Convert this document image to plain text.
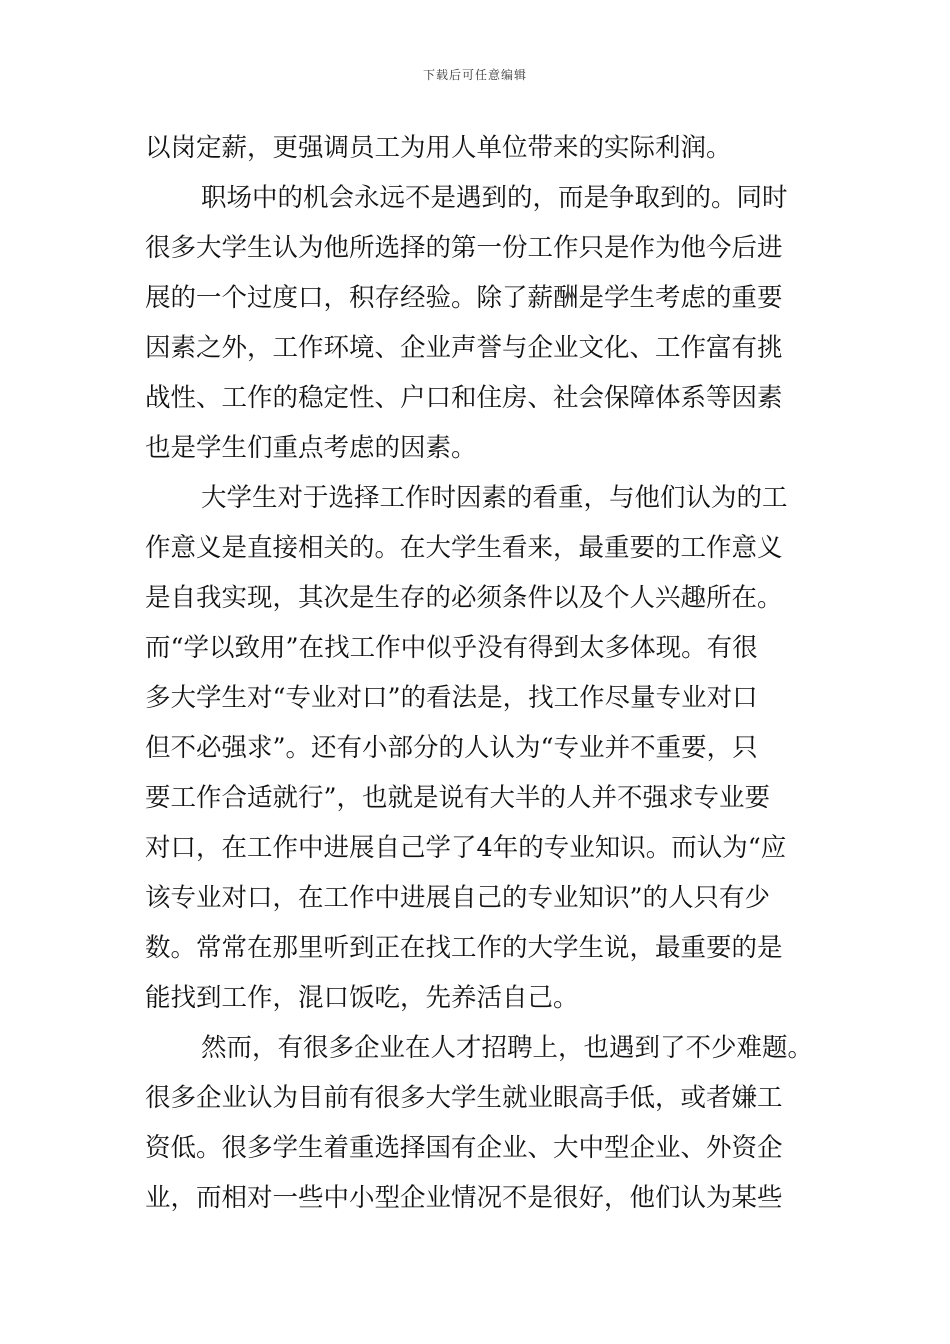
下载后可任意编辑
以岗定薪，更强调员工为用人单位带来的实际利润。
职场中的机会永远不是遇到的，而是争取到的。同时
很多大学生认为他所选择的第一份工作只是作为他今后进
展的一个过度口，积存经验。除了薪酬是学生考虑的重要
因素之外，工作环境、企业声誉与企业文化、工作富有挑
战性、工作的稳定性、户口和住房、社会保障体系等因素
也是学生们重点考虑的因素。
大学生对于选择工作时因素的看重，与他们认为的工
作意义是直接相关的。在大学生看来，最重要的工作意义
是自我实现，其次是生存的必须条件以及个人兴趣所在。
而“学以致用”在找工作中似乎没有得到太多体现。有很
多大学生对“专业对口”的看法是，找工作尽量专业对口
但不必强求”。还有小部分的人认为“专业并不重要，只
要工作合适就行”，也就是说有大半的人并不强求专业要
对口，在工作中进展自己学了4年的专业知识。而认为“应
该专业对口，在工作中进展自己的专业知识”的人只有少
数。常常在那里听到正在找工作的大学生说，最重要的是
能找到工作，混口饭吃，先养活自己。
然而，有很多企业在人才招聘上，也遇到了不少难题。
很多企业认为目前有很多大学生就业眼高手低，或者嫌工
资低。很多学生着重选择国有企业、大中型企业、外资企
业，而相对一些中小型企业情况不是很好，他们认为某些
